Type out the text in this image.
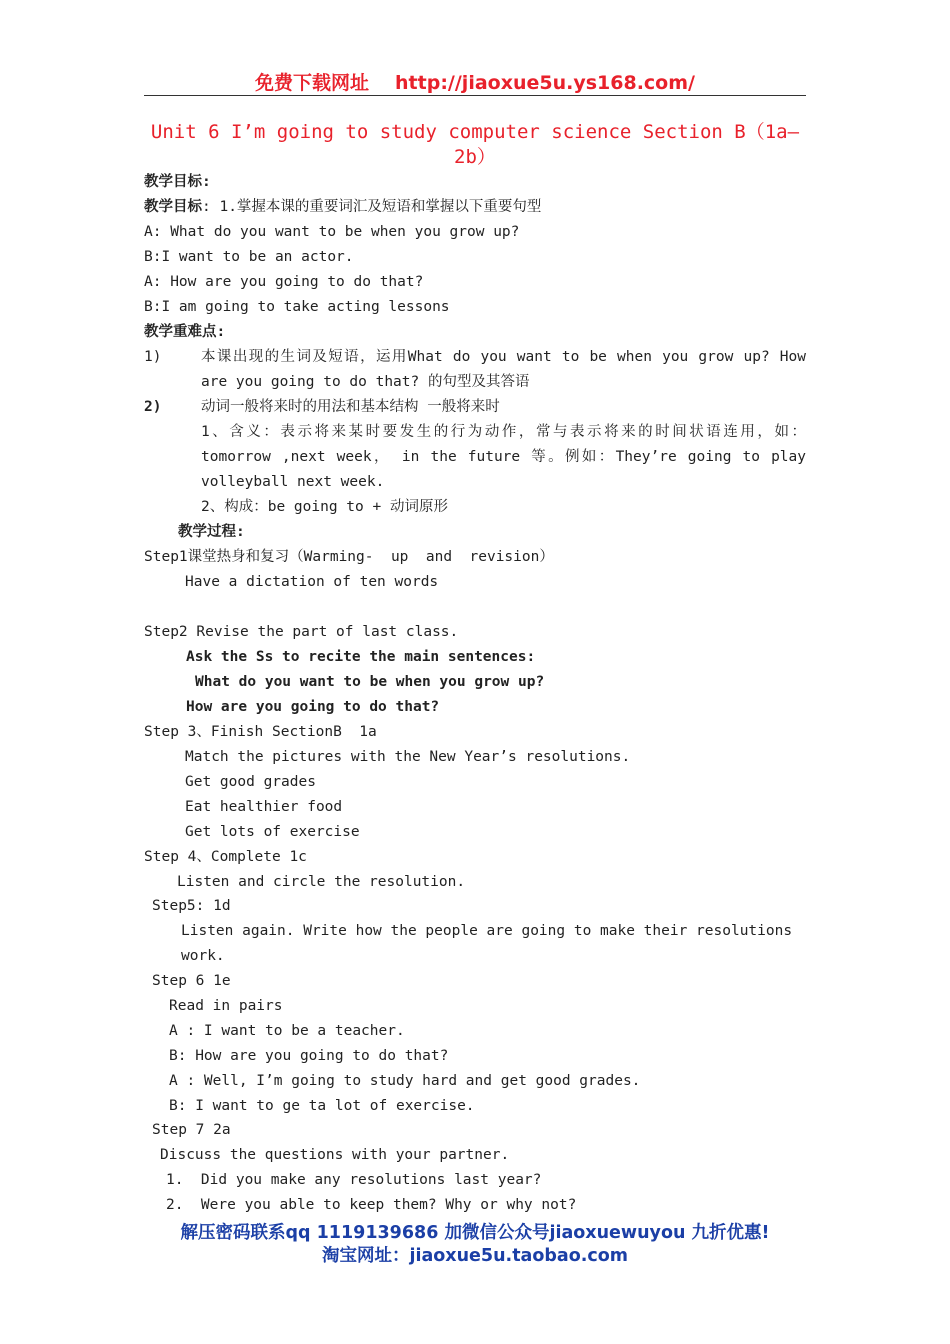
免费下载网址 http://jiaoxue5u.ys168.com/
Unit 6 I’m going to study computer science Section B（1a—
2b）
教学目标:
教学目标: 1.掌握本课的重要词汇及短语和掌握以下重要句型
A: What do you want to be when you grow up?
B:I want to be an actor.
A: How are you going to do that?
B:I am going to take acting lessons
教学重难点:
1)	本课出现的生词及短语，运用What do you want to be when you grow up? How
are you going to do that? 的句型及其答语
2)	动词一般将来时的用法和基本结构 一般将来时
1、含义：表示将来某时要发生的行为动作，常与表示将来的时间状语连用，如：
tomorrow ,next week， in the future 等。例如：They’re going to play
volleyball next week.
2、构成：be going to + 动词原形
教学过程:
Step1课堂热身和复习（Warming-  up  and  revision）
Have a dictation of ten words
Step2 Revise the part of last class.
Ask the Ss to recite the main sentences:
What do you want to be when you grow up?
How are you going to do that?
Step 3、Finish SectionB  1a
Match the pictures with the New Year’s resolutions.
Get good grades
Eat healthier food
Get lots of exercise
Step 4、Complete 1c
Listen and circle the resolution.
Step5: 1d
Listen again. Write how the people are going to make their resolutions
work.
Step 6 1e
Read in pairs
A : I want to be a teacher.
B: How are you going to do that?
A : Well, I’m going to study hard and get good grades.
B: I want to ge ta lot of exercise.
Step 7 2a
Discuss the questions with your partner.
1.  Did you make any resolutions last year?
2.  Were you able to keep them? Why or why not?
解压密码联系qq 1119139686 加微信公众号jiaoxuewuyou 九折优惠!
淘宝网址：jiaoxue5u.taobao.com
